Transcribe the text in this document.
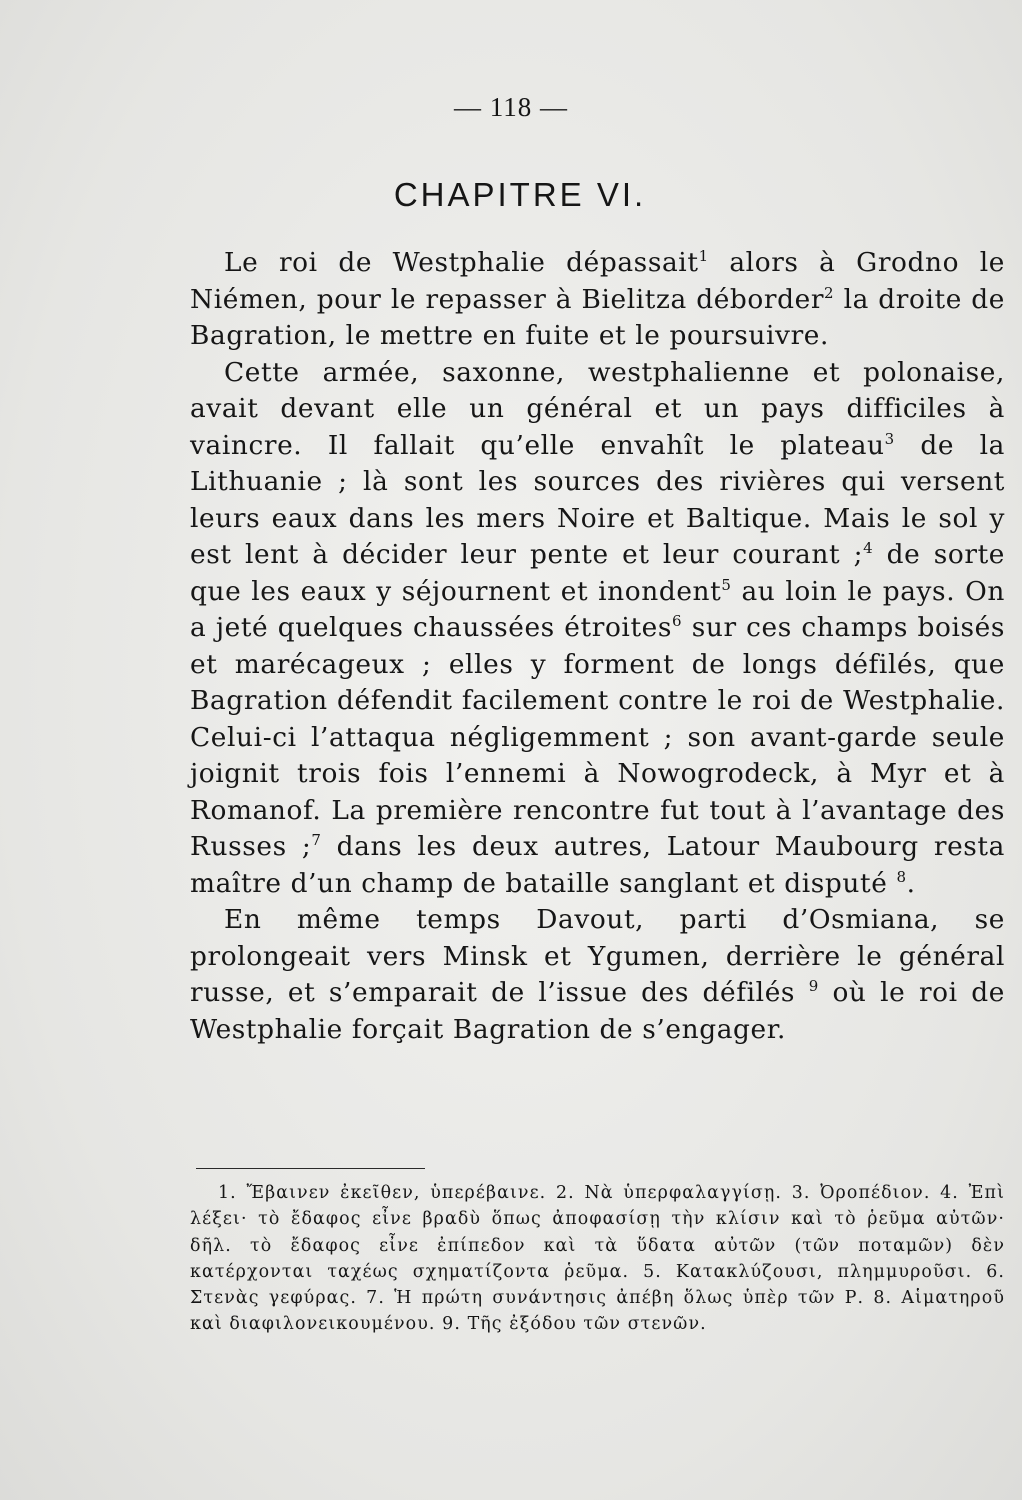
— 118 —
CHAPITRE VI.

Le roi de Westphalie dépassait$^1$ alors à Grodno le Niémen, pour le repasser à Bielitza déborder$^2$ la droite de Bagration, le mettre en fuite et le poursuivre.

Cette armée, saxonne, westphalienne et polonaise, avait devant elle un général et un pays difficiles à vaincre. Il fallait qu’elle envahît le plateau$^3$ de la Lithuanie ; là sont les sources des rivières qui versent leurs eaux dans les mers Noire et Baltique. Mais le sol y est lent à décider leur pente et leur courant ;$^4$ de sorte que les eaux y séjournent et inondent$^5$ au loin le pays. On a jeté quelques chaussées étroites$^6$ sur ces champs boisés et marécageux ; elles y forment de longs défilés, que Bagration défendit facilement contre le roi de Westphalie. Celui-ci l’attaqua négligemment ; son avant-garde seule joignit trois fois l’ennemi à Nowogrodeck, à Myr et à Romanof. La première rencontre fut tout à l’avantage des Russes ;$^7$ dans les deux autres, Latour Maubourg resta maître d’un champ de bataille sanglant et disputé $^8$.

En même temps Davout, parti d’Osmiana, se prolongeait vers Minsk et Ygumen, derrière le général russe, et s’emparait de l’issue des défilés $^9$ où le roi de Westphalie forçait Bagration de s’engager.

1. Ἔβαινεν ἐκεῖθεν, ὑπερέβαινε. 2. Νὰ ὑπερφαλαγγίσῃ. 3. Ὀροπέδιον. 4. Ἐπὶ λέξει· τὸ ἔδαφος εἶνε βραδὺ ὅπως ἀποφασίσῃ τὴν κλίσιν καὶ τὸ ῥεῦμα αὐτῶν· δῆλ. τὸ ἔδαφος εἶνε ἐπίπεδον καὶ τὰ ὕδατα αὐτῶν (τῶν ποταμῶν) δὲν κατέρχονται ταχέως σχηματίζοντα ῥεῦμα. 5. Κατακλύζουσι, πλημμυροῦσι. 6. Στενὰς γεφύρας. 7. Ἡ πρώτη συνάντησις ἀπέβη ὅλως ὑπὲρ τῶν Ρ. 8. Αἱματηροῦ καὶ διαφιλονεικουμένου. 9. Τῆς ἐξόδου τῶν στενῶν.
